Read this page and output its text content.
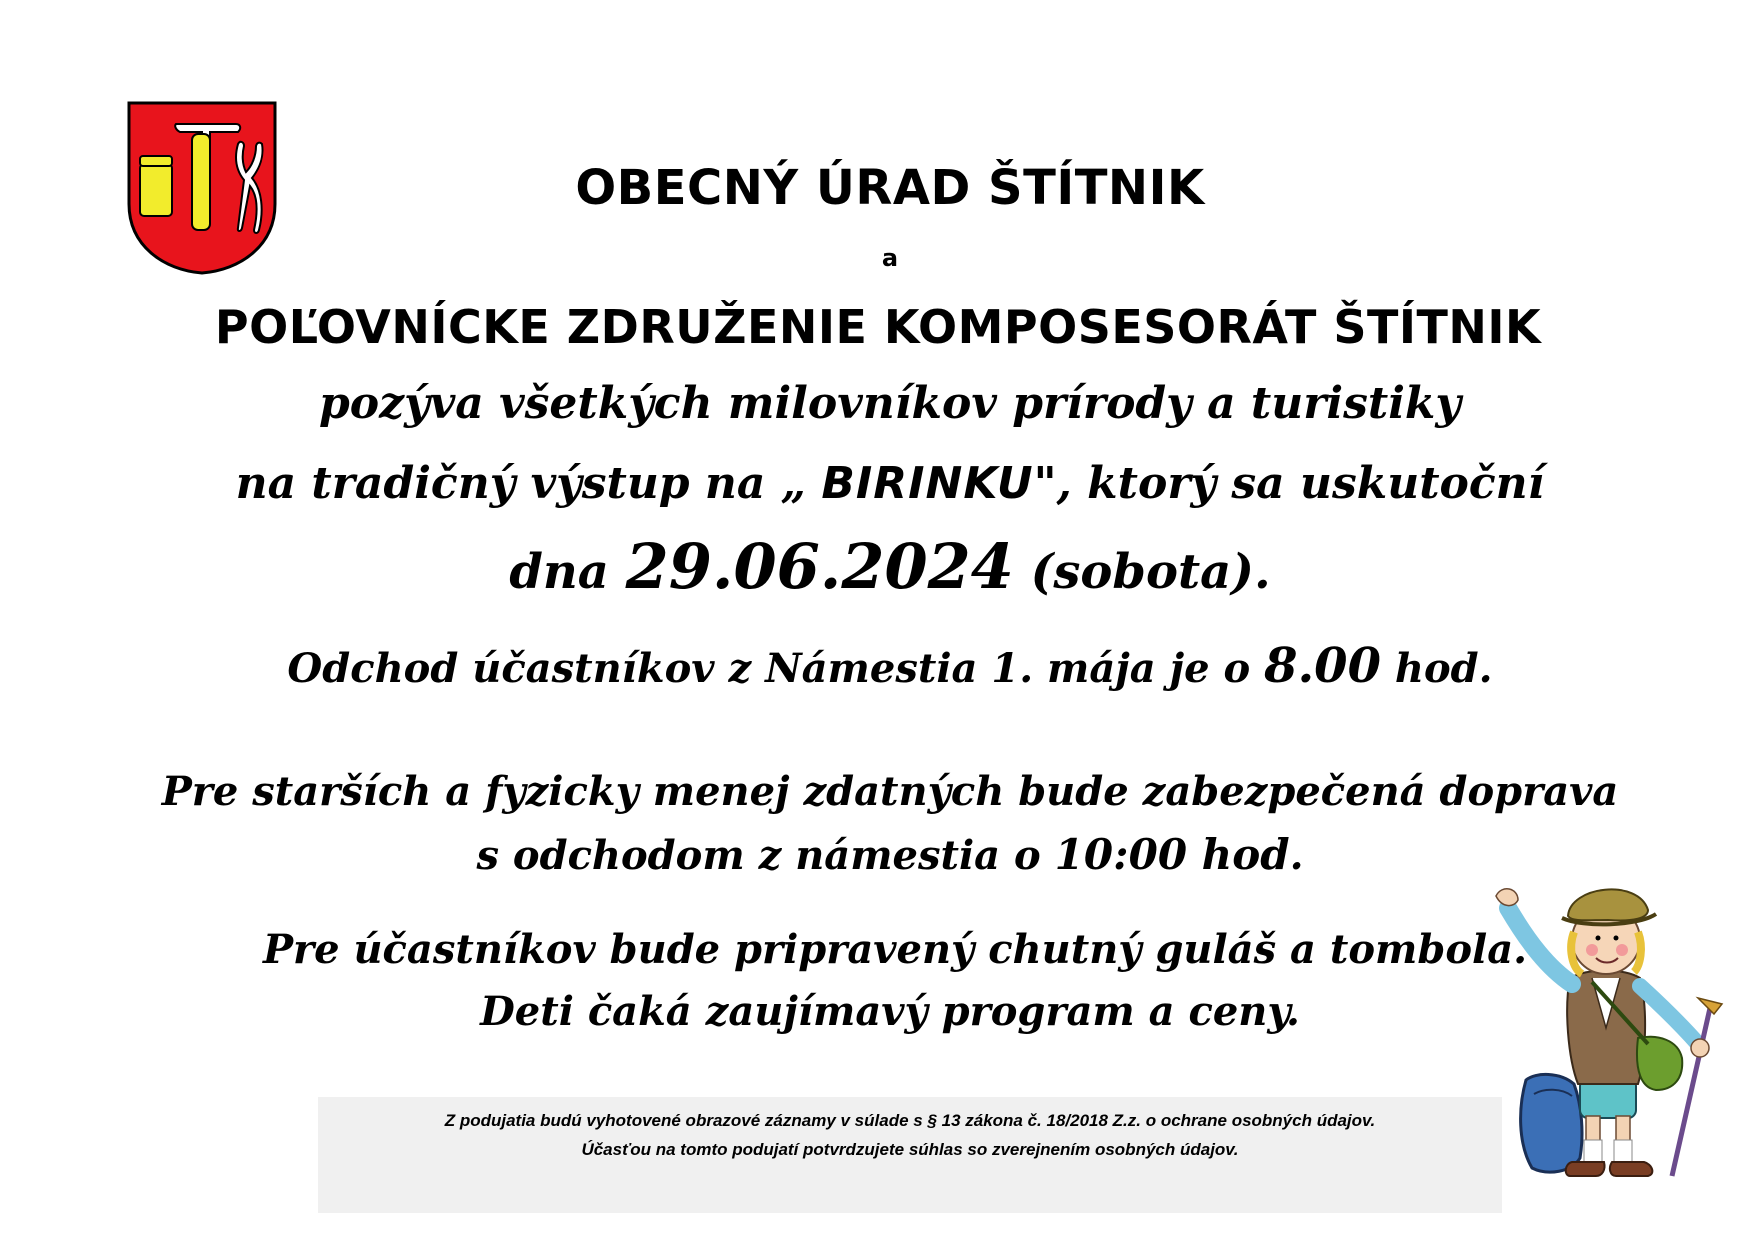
OBECNÝ ÚRAD ŠTÍTNIK
a
POĽOVNÍCKE ZDRUŽENIE KOMPOSESORÁT ŠTÍTNIK
pozýva všetkých milovníkov prírody a turistiky
na tradičný výstup na „ BIRINKU", ktorý sa uskutoční
dna 29.06.2024 (sobota).
Odchod účastníkov z Námestia 1. mája je o 8.00 hod.
Pre starších a fyzicky menej zdatných bude zabezpečená doprava
s odchodom z námestia o 10:00 hod.
Pre účastníkov bude pripravený chutný guláš a tombola.
Deti čaká zaujímavý program a ceny.
Z podujatia budú vyhotovené obrazové záznamy v súlade s § 13 zákona č. 18/2018 Z.z. o ochrane osobných údajov.
Účasťou na tomto podujatí potvrdzujete súhlas so zverejnením osobných údajov.
